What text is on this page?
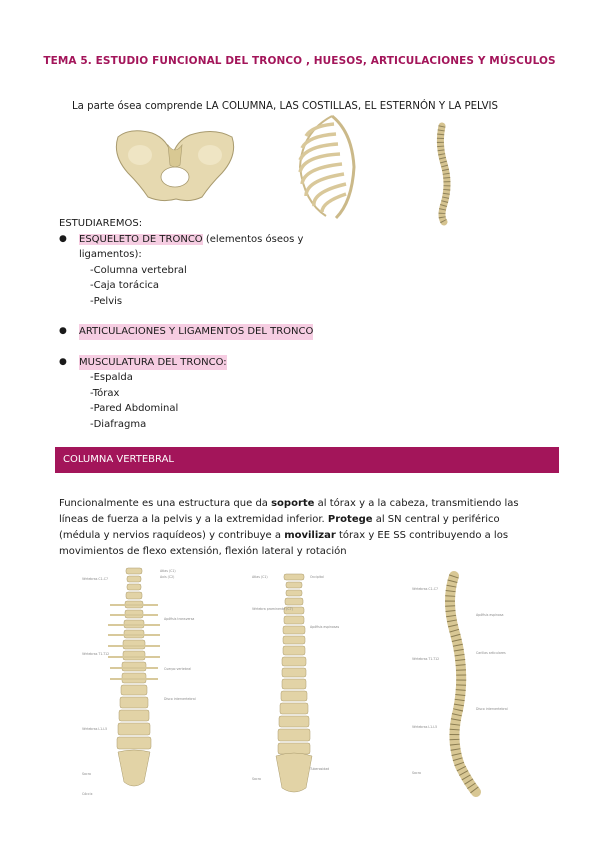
TEMA 5. ESTUDIO FUNCIONAL DEL TRONCO , HUESOS, ARTICULACIONES Y MÚSCULOS
La parte ósea comprende LA COLUMNA, LAS COSTILLAS, EL ESTERNÓN Y LA PELVIS
ESTUDIAREMOS:
●	ESQUELETO DE TRONCO (elementos óseos y
ligamentos):
-Columna vertebral
-Caja torácica
-Pelvis
●	ARTICULACIONES Y LIGAMENTOS DEL TRONCO
●	MUSCULATURA DEL TRONCO:
-Espalda
-Tórax
-Pared Abdominal
-Diafragma
COLUMNA VERTEBRAL
Funcionalmente es una estructura que da soporte al tórax y a la cabeza, transmitiendo las líneas de fuerza a la pelvis y a la extremidad inferior. Protege al SN central y periférico (médula y nervios raquídeos) y contribuye a movilizar tórax y EE SS contribuyendo a los movimientos de flexo extensión, flexión lateral y rotación
Vértebras C1-C7
Vértebras T1-T12
Vértebras L1-L5
Sacro
Cóccix
Atlas (C1)
Axis (C2)
Apófisis transversa
Cuerpo vertebral
Disco intervertebral
Atlas (C1)
Vértebra prominente (C7)
Occipital
Apófisis espinosas
Sacro
Tuberosidad
Vértebras C1-C7
Vértebras T1-T12
Vértebras L1-L5
Sacro
Apófisis espinosa
Carillas articulares
Disco intervertebral
